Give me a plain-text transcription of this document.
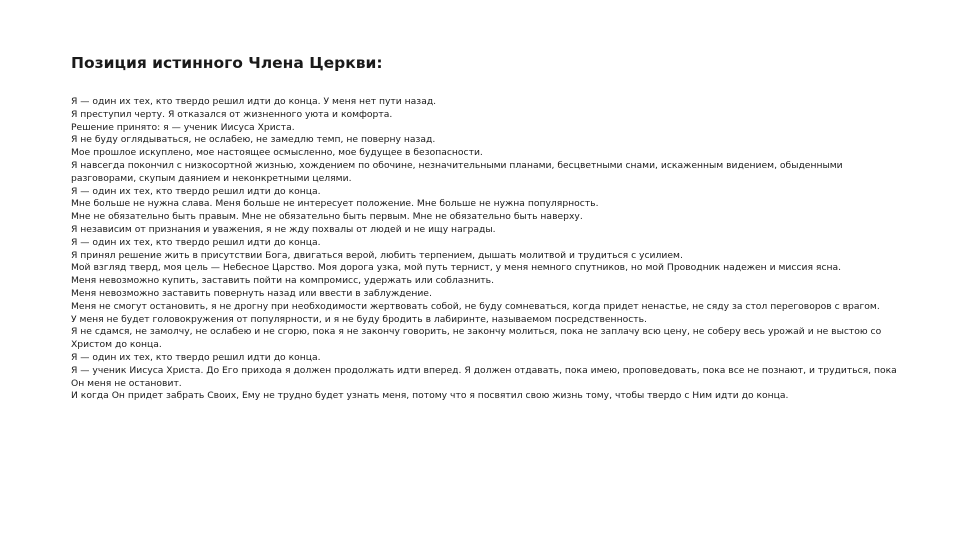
Позиция истинного Члена Церкви:
Я — один их тех, кто твердо решил идти до конца. У меня нет пути назад.
Я преступил черту. Я отказался от жизненного уюта и комфорта.
Решение принято: я — ученик Иисуса Христа.
Я не буду оглядываться, не ослабею, не замедлю темп, не поверну назад.
Мое прошлое искуплено, мое настоящее осмысленно, мое будущее в безопасности.
Я навсегда покончил с низкосортной жизнью, хождением по обочине, незначительными планами, бесцветными снами, искаженным видением, обыденными разговорами, скупым даянием и неконкретными целями.
Я — один их тех, кто твердо решил идти до конца.
Мне больше не нужна слава. Меня больше не интересует положение. Мне больше не нужна популярность.
Мне не обязательно быть правым. Мне не обязательно быть первым. Мне не обязательно быть наверху.
Я независим от признания и уважения, я не жду похвалы от людей и не ищу награды.
Я — один их тех, кто твердо решил идти до конца.
Я принял решение жить в присутствии Бога, двигаться верой, любить терпением, дышать молитвой и трудиться с усилием.
Мой взгляд тверд, моя цель — Небесное Царство. Моя дорога узка, мой путь тернист, у меня немного спутников, но мой Проводник надежен и миссия ясна.
Меня невозможно купить, заставить пойти на компромисс, удержать или соблазнить.
Меня невозможно заставить повернуть назад или ввести в заблуждение.
Меня не смогут остановить, я не дрогну при необходимости жертвовать собой, не буду сомневаться, когда придет ненастье, не сяду за стол переговоров с врагом.
У меня не будет головокружения от популярности, и я не буду бродить в лабиринте, называемом посредственность.
Я не сдамся, не замолчу, не ослабею и не сгорю, пока я не закончу говорить, не закончу молиться, пока не заплачу всю цену, не соберу весь урожай и не выстою со Христом до конца.
Я — один их тех, кто твердо решил идти до конца.
Я — ученик Иисуса Христа. До Его прихода я должен продолжать идти вперед. Я должен отдавать, пока имею, проповедовать, пока все не познают, и трудиться, пока Он меня не остановит.
И когда Он придет забрать Своих, Ему не трудно будет узнать меня, потому что я посвятил свою жизнь тому, чтобы твердо с Ним идти до конца.
